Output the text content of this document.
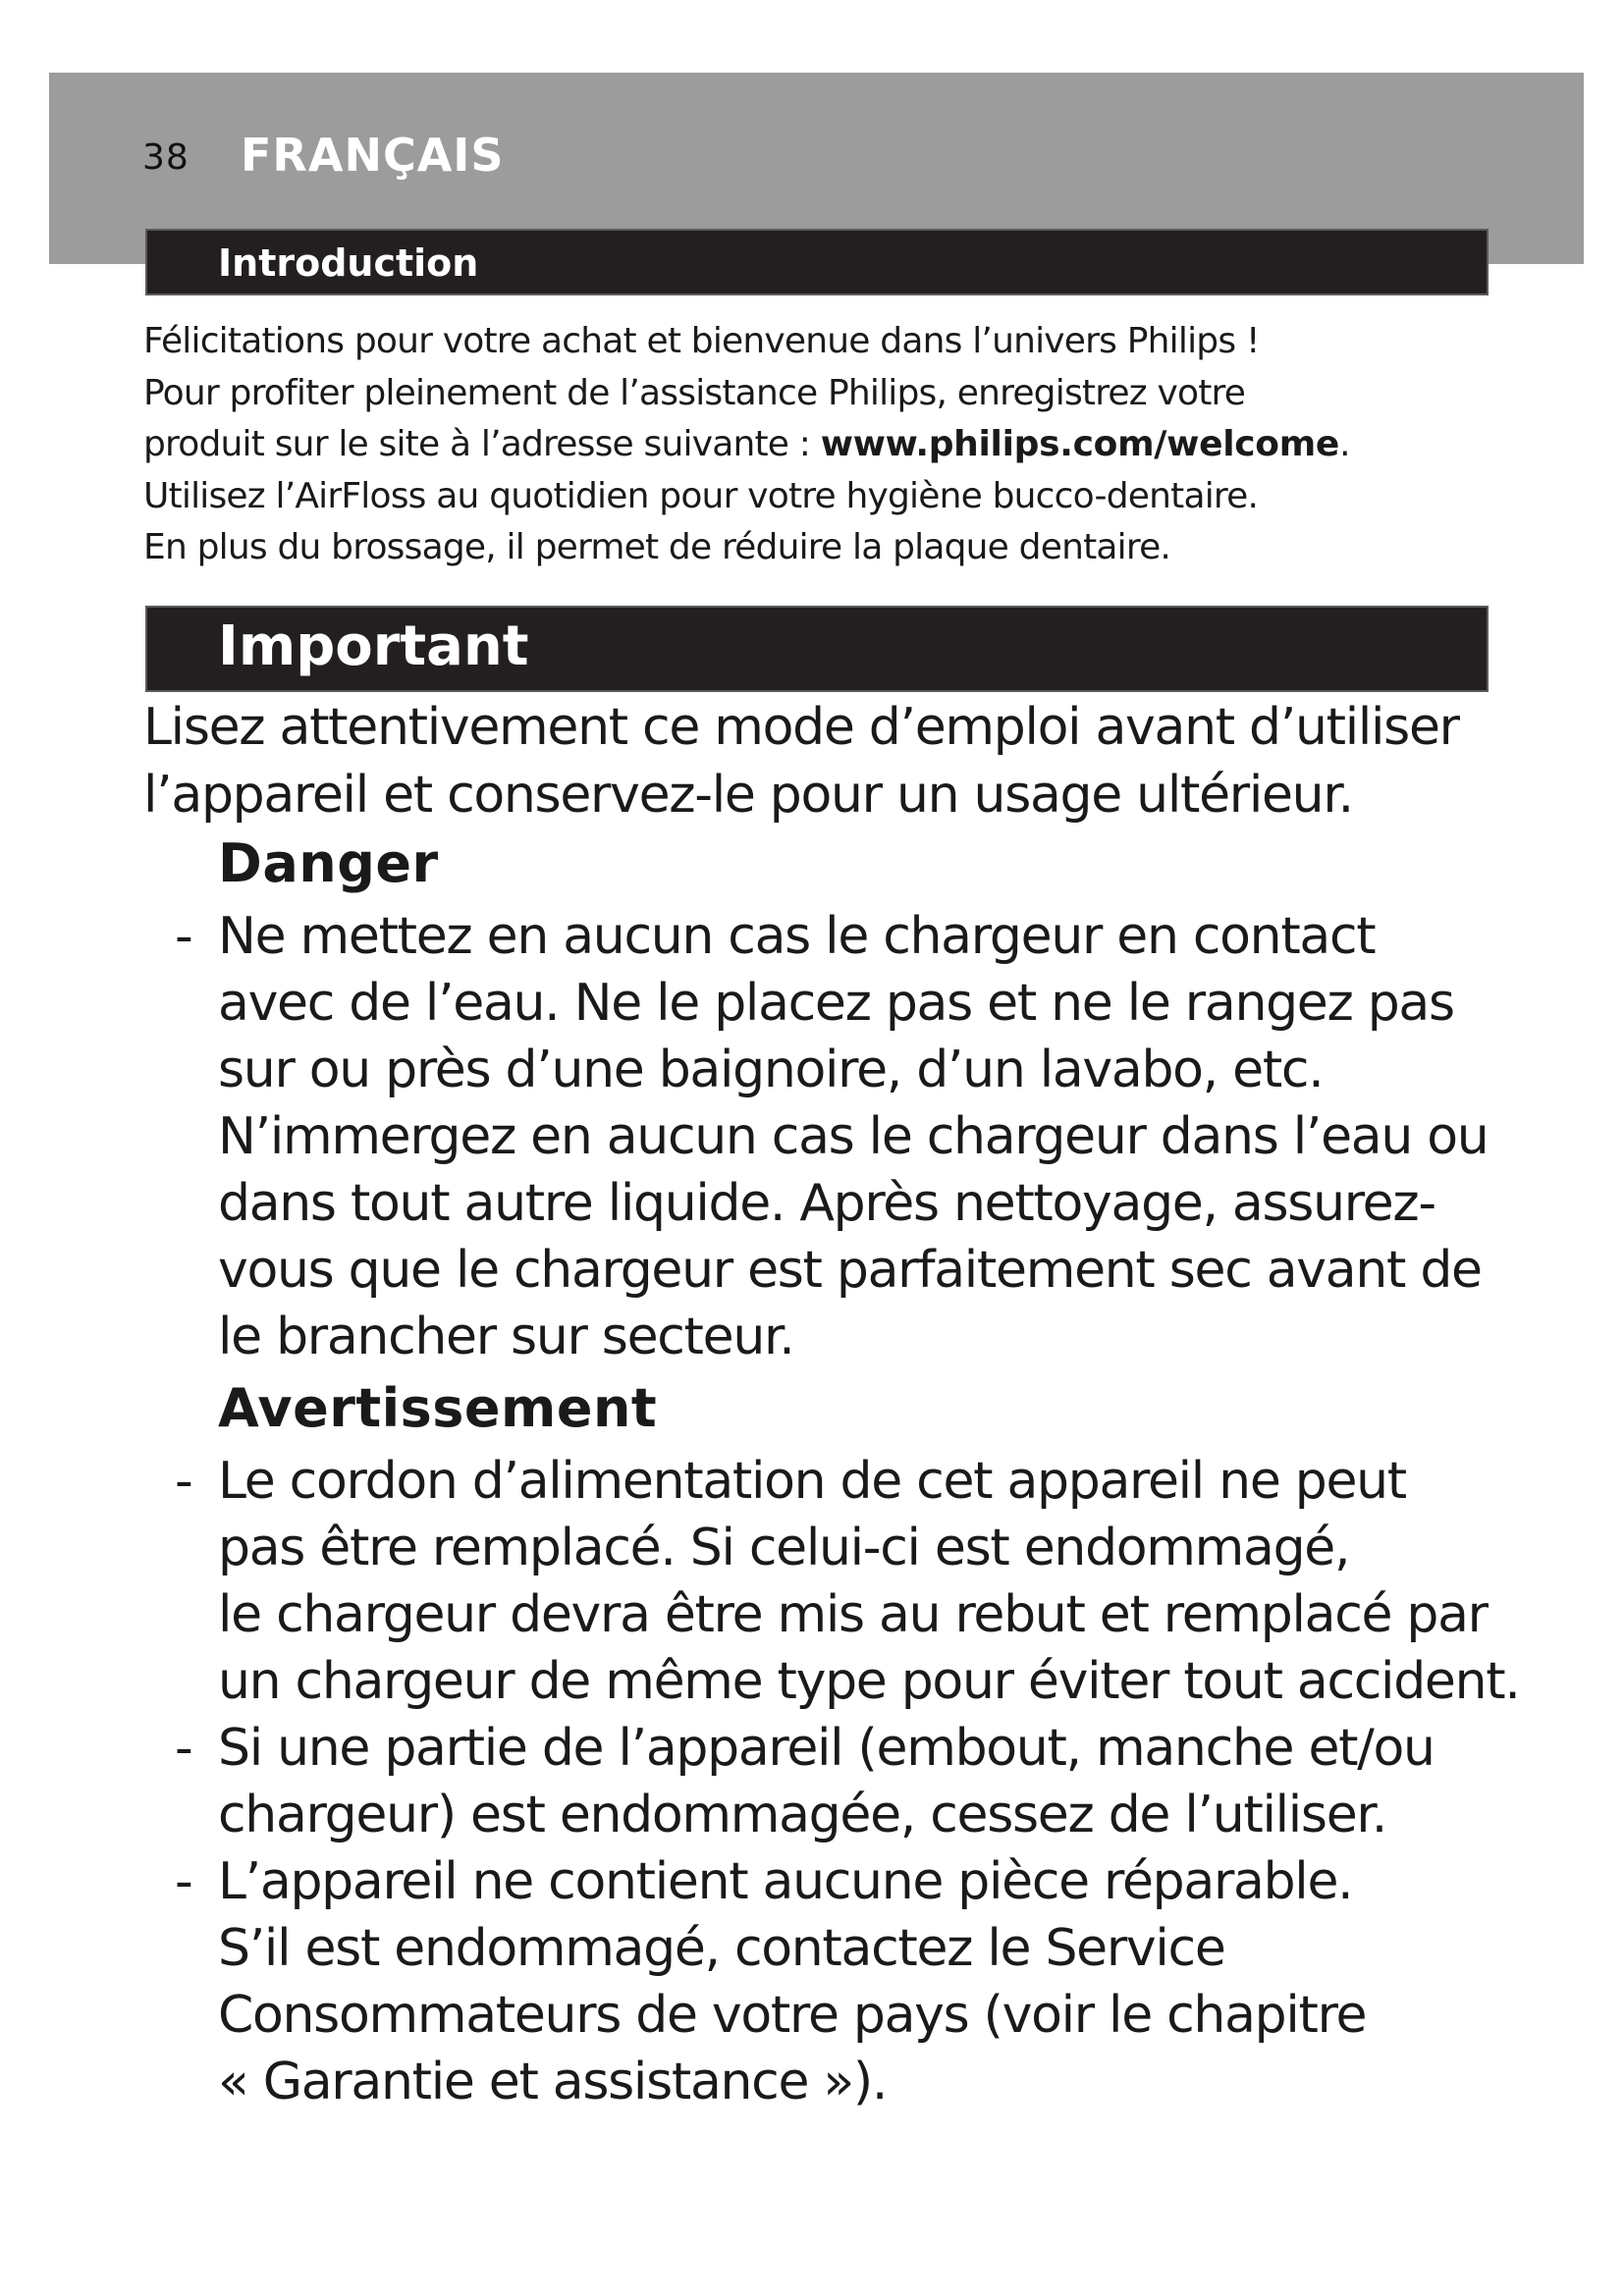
38 FRANÇAIS
Introduction
Félicitations pour votre achat et bienvenue dans l’univers Philips !
Pour profiter pleinement de l’assistance Philips, enregistrez votre
produit sur le site à l’adresse suivante : www.philips.com/welcome.
Utilisez l’AirFloss au quotidien pour votre hygiène bucco-dentaire.
En plus du brossage, il permet de réduire la plaque dentaire.
Important
Lisez attentivement ce mode d’emploi avant d’utiliser
l’appareil et conservez-le pour un usage ultérieur.
Danger
- Ne mettez en aucun cas le chargeur en contact
avec de l’eau. Ne le placez pas et ne le rangez pas
sur ou près d’une baignoire, d’un lavabo, etc.
N’immergez en aucun cas le chargeur dans l’eau ou
dans tout autre liquide. Après nettoyage, assurez-
vous que le chargeur est parfaitement sec avant de
le brancher sur secteur.
Avertissement
- Le cordon d’alimentation de cet appareil ne peut
pas être remplacé. Si celui-ci est endommagé,
le chargeur devra être mis au rebut et remplacé par
un chargeur de même type pour éviter tout accident.
- Si une partie de l’appareil (embout, manche et/ou
chargeur) est endommagée, cessez de l’utiliser.
- L’appareil ne contient aucune pièce réparable.
S’il est endommagé, contactez le Service
Consommateurs de votre pays (voir le chapitre
« Garantie et assistance »).
